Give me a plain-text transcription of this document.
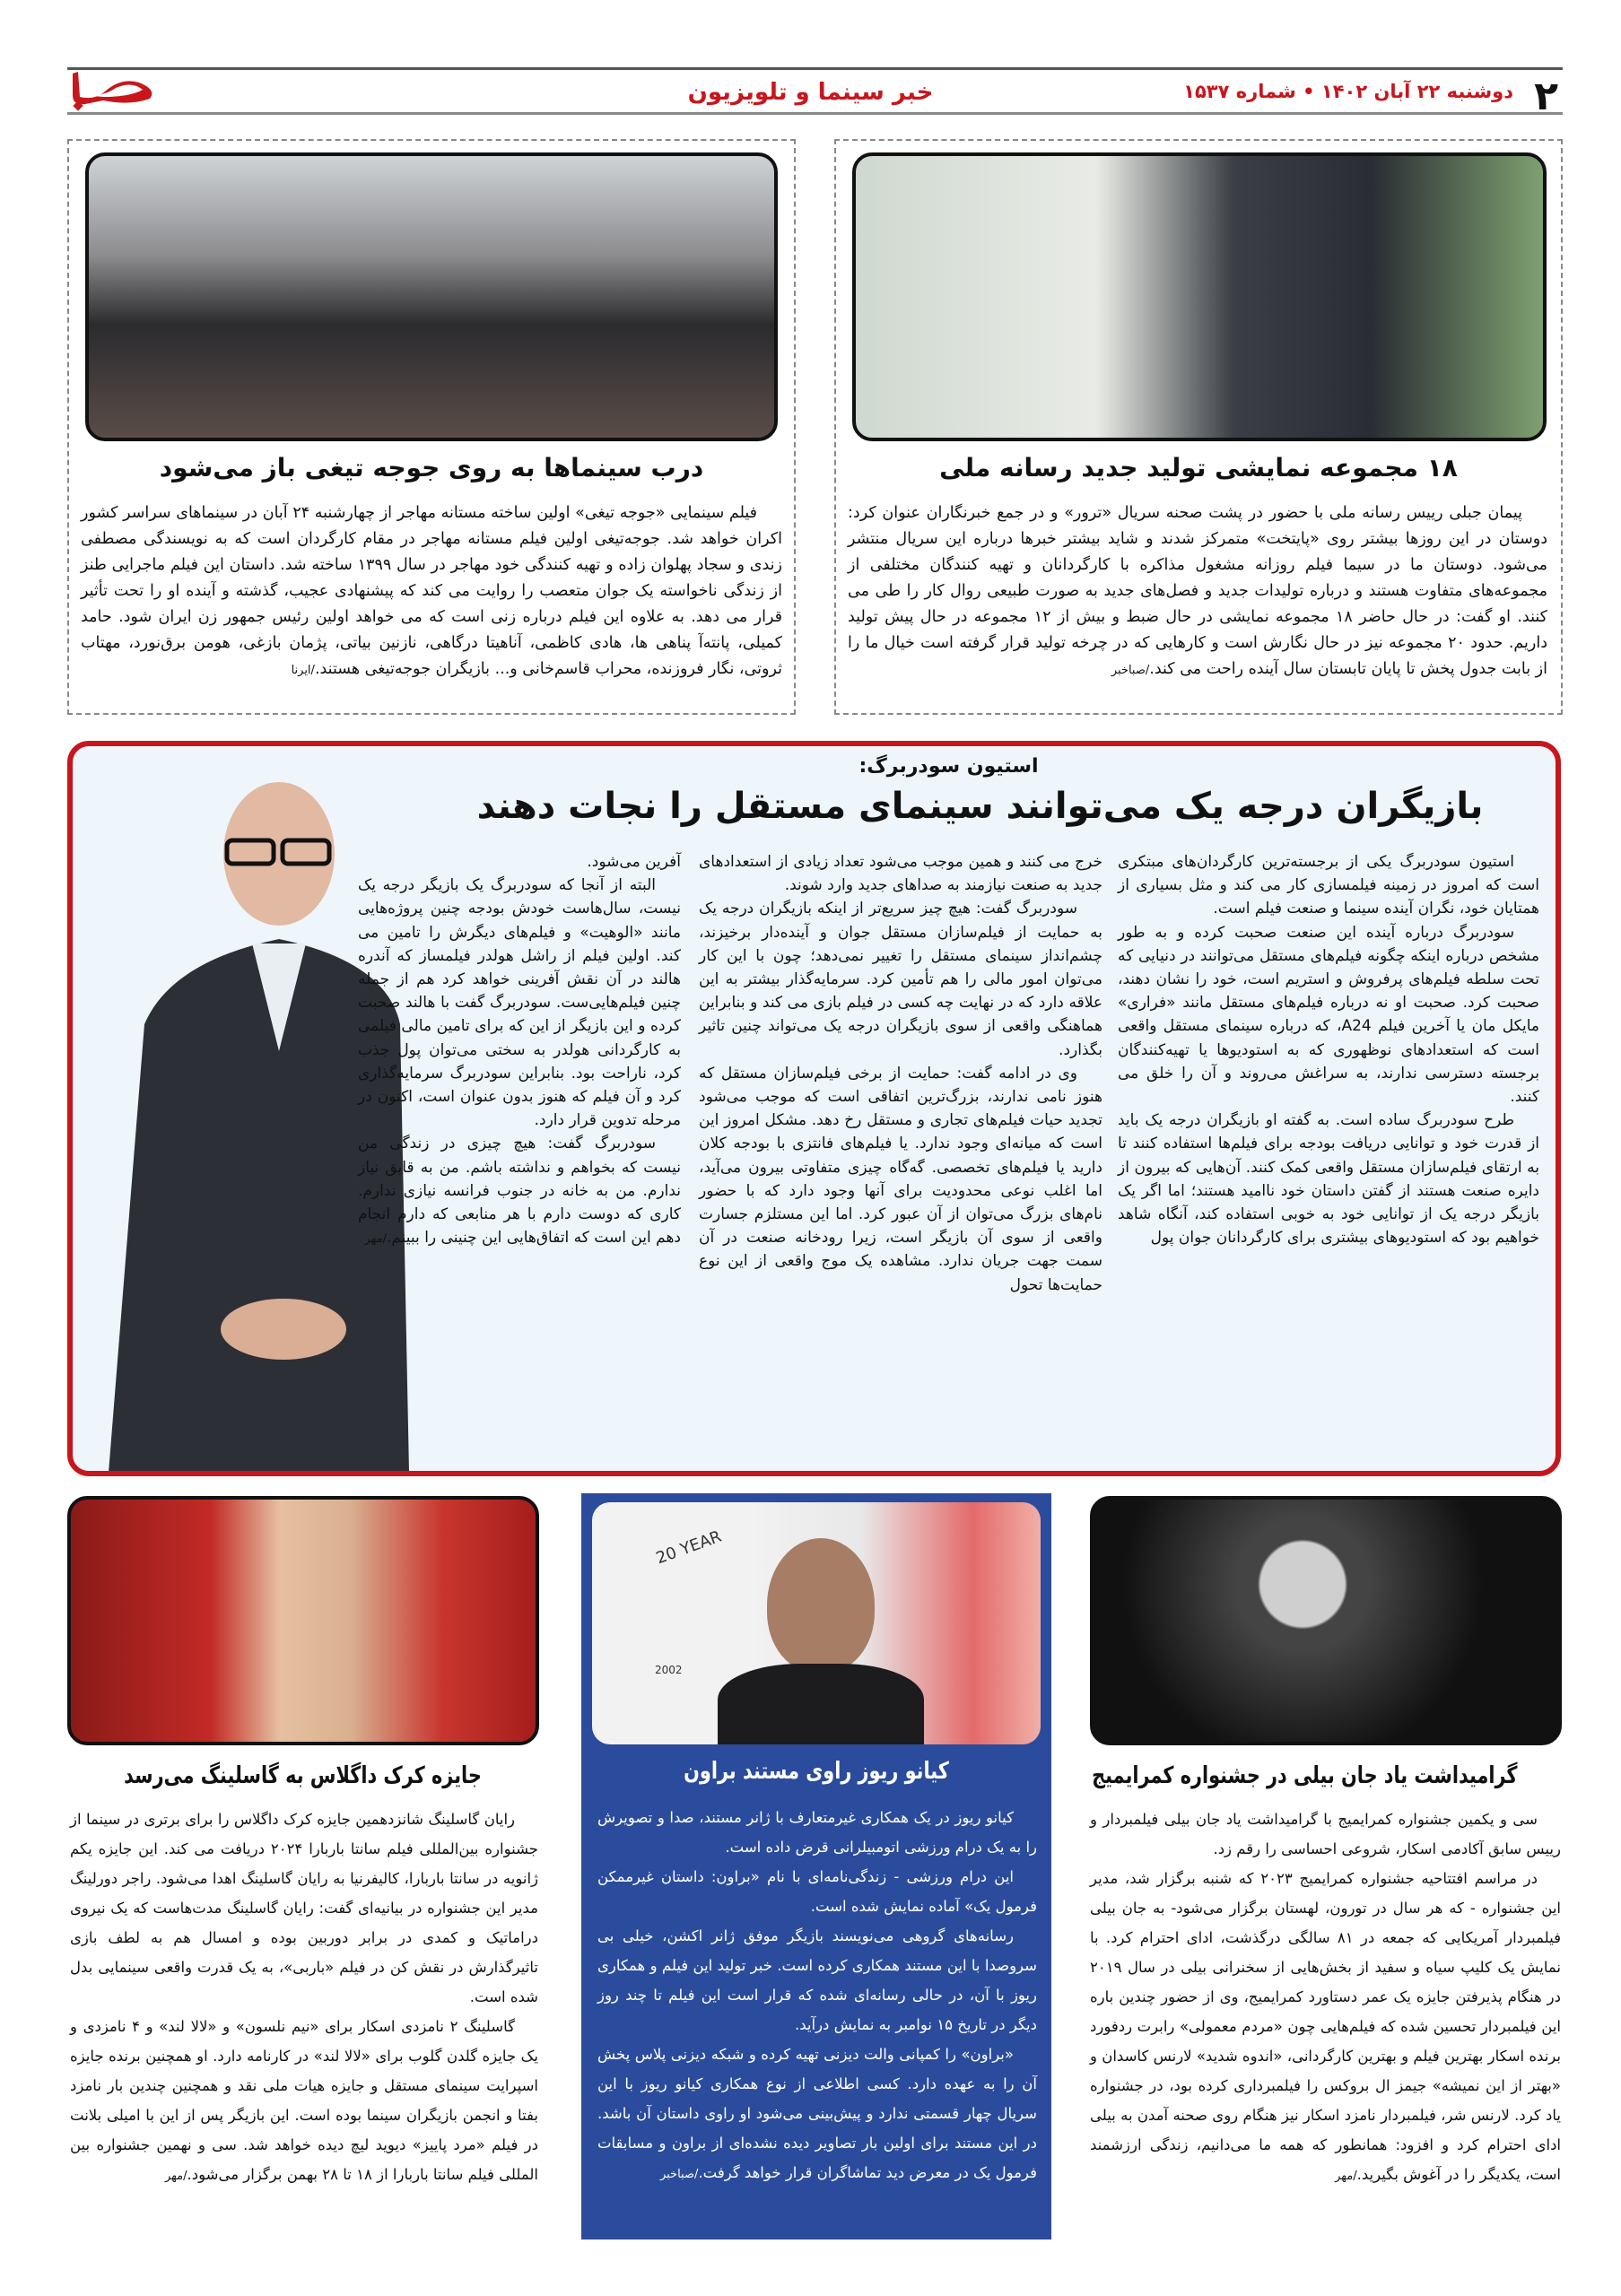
۲
دوشنبه ۲۲ آبان ۱۴۰۲ • شماره ۱۵۳۷
خبر سینما و تلویزیون
۱۸ مجموعه نمایشی تولید جدید رسانه ملی

پیمان جبلی رییس رسانه ملی با حضور در پشت صحنه سریال «ترور» و در جمع خبرنگاران عنوان کرد: دوستان در این روزها بیشتر روی «پایتخت» متمرکز شدند و شاید بیشتر خبرها درباره این سریال منتشر می‌شود. دوستان ما در سیما فیلم روزانه مشغول مذاکره با کارگردانان و تهیه کنندگان مختلفی از مجموعه‌های متفاوت هستند و درباره تولیدات جدید و فصل‌های جدید به صورت طبیعی روال کار را طی می کنند. او گفت: در حال حاضر ۱۸ مجموعه نمایشی در حال ضبط و بیش از ۱۲ مجموعه در حال پیش تولید داریم. حدود ۲۰ مجموعه نیز در حال نگارش است و کارهایی که در چرخه تولید قرار گرفته است خیال ما را از بابت جدول پخش تا پایان تابستان سال آینده راحت می کند./صباخبر

درب سینماها به روی جوجه تیغی باز می‌شود

فیلم سینمایی «جوجه تیغی» اولین ساخته مستانه مهاجر از چهارشنبه ۲۴ آبان در سینماهای سراسر کشور اکران خواهد شد. جوجه‌تیغی اولین فیلم مستانه مهاجر در مقام کارگردان است که به نویسندگی مصطفی زندی و سجاد پهلوان زاده و تهیه کنندگی خود مهاجر در سال ۱۳۹۹ ساخته شد. داستان این فیلم ماجرایی طنز از زندگی ناخواسته یک جوان متعصب را روایت می کند که پیشنهادی عجیب، گذشته و آینده او را تحت تأثیر قرار می دهد. به علاوه این فیلم درباره زنی است که می خواهد اولین رئیس جمهور زن ایران شود. حامد کمیلی، پانته‌آ پناهی ها، هادی کاظمی، آناهیتا درگاهی، نازنین بیاتی، پژمان بازغی، هومن برق‌نورد، مهتاب ثروتی، نگار فروزنده، محراب قاسم‌خانی و... بازیگران جوجه‌تیغی هستند./ایرنا

استیون سودربرگ:
بازیگران درجه یک می‌توانند سینمای مستقل را نجات دهند

استیون سودربرگ یکی از برجسته‌ترین کارگردان‌های مبتکری است که امروز در زمینه فیلمسازی کار می کند و مثل بسیاری از همتایان خود، نگران آینده سینما و صنعت فیلم است.

سودربرگ درباره آینده این صنعت صحبت کرده و به طور مشخص درباره اینکه چگونه فیلم‌های مستقل می‌توانند در دنیایی که تحت سلطه فیلم‌های پرفروش و استریم است، خود را نشان دهند، صحبت کرد. صحبت او نه درباره فیلم‌های مستقل مانند «فراری» مایکل مان یا آخرین فیلم A24، که درباره سینمای مستقل واقعی است که استعدادهای نوظهوری که به استودیوها یا تهیه‌کنندگان برجسته دسترسی ندارند، به سراغش می‌روند و آن را خلق می کنند.

طرح سودربرگ ساده است. به گفته او بازیگران درجه یک باید از قدرت خود و توانایی دریافت بودجه برای فیلم‌ها استفاده کنند تا به ارتقای فیلم‌سازان مستقل واقعی کمک کنند. آن‌هایی که بیرون از دایره صنعت هستند از گفتن داستان خود ناامید هستند؛ اما اگر یک بازیگر درجه یک از توانایی خود به خوبی استفاده کند، آنگاه شاهد خواهیم بود که استودیوهای بیشتری برای کارگردانان جوان پول

خرج می کنند و همین موجب می‌شود تعداد زیادی از استعدادهای جدید به صنعت نیازمند به صداهای جدید وارد شوند.

سودربرگ گفت: هیچ چیز سریع‌تر از اینکه بازیگران درجه یک به حمایت از فیلم‌سازان مستقل جوان و آینده‌دار برخیزند، چشم‌انداز سینمای مستقل را تغییر نمی‌دهد؛ چون با این کار می‌توان امور مالی را هم تأمین کرد. سرمایه‌گذار بیشتر به این علاقه دارد که در نهایت چه کسی در فیلم بازی می کند و بنابراین هماهنگی واقعی از سوی بازیگران درجه یک می‌تواند چنین تاثیر بگذارد.

وی در ادامه گفت: حمایت از برخی فیلم‌سازان مستقل که هنوز نامی ندارند، بزرگ‌ترین اتفاقی است که موجب می‌شود تجدید حیات فیلم‌های تجاری و مستقل رخ دهد. مشکل امروز این است که میانه‌ای وجود ندارد. یا فیلم‌های فانتزی با بودجه کلان دارید یا فیلم‌های تخصصی. گه‌گاه چیزی متفاوتی بیرون می‌آید، اما اغلب نوعی محدودیت برای آنها وجود دارد که با حضور نام‌های بزرگ می‌توان از آن عبور کرد. اما این مستلزم جسارت واقعی از سوی آن بازیگر است، زیرا رودخانه صنعت در آن سمت جهت جریان ندارد. مشاهده یک موج واقعی از این نوع حمایت‌ها تحول

آفرین می‌شود.

البته از آنجا که سودربرگ یک بازیگر درجه یک نیست، سال‌هاست خودش بودجه چنین پروژه‌هایی مانند «الوهیت» و فیلم‌های دیگرش را تامین می کند. اولین فیلم از راشل هولدر فیلمساز که آندره هالند در آن نقش آفرینی خواهد کرد هم از جمله چنین فیلم‌هایی‌ست. سودربرگ گفت با هالند صحبت کرده و این بازیگر از این که برای تامین مالی فیلمی به کارگردانی هولدر به سختی می‌توان پول جذب کرد، ناراحت بود. بنابراین سودربرگ سرمایه‌گذاری کرد و آن فیلم که هنوز بدون عنوان است، اکنون در مرحله تدوین قرار دارد.

سودربرگ گفت: هیچ چیزی در زندگی من نیست که بخواهم و نداشته باشم. من به قایق نیاز ندارم. من به خانه در جنوب فرانسه نیازی ندارم. کاری که دوست دارم با هر منابعی که دارم انجام دهم این است که اتفاق‌هایی این چنینی را ببینم./مهر

گرامیداشت یاد جان بیلی در جشنواره کمرایمیج

سی و یکمین جشنواره کمرایمیج با گرامیداشت یاد جان بیلی فیلمبردار و رییس سابق آکادمی اسکار، شروعی احساسی را رقم زد.

در مراسم افتتاحیه جشنواره کمرایمیج ۲۰۲۳ که شنبه برگزار شد، مدیر این جشنواره - که هر سال در تورون، لهستان برگزار می‌شود- به جان بیلی فیلمبردار آمریکایی که جمعه در ۸۱ سالگی درگذشت، ادای احترام کرد. با نمایش یک کلیپ سیاه و سفید از بخش‌هایی از سخنرانی بیلی در سال ۲۰۱۹ در هنگام پذیرفتن جایزه یک عمر دستاورد کمرایمیج، وی از حضور چندین باره این فیلمبردار تحسین شده که فیلم‌هایی چون «مردم معمولی» رابرت ردفورد برنده اسکار بهترین فیلم و بهترین کارگردانی، «اندوه شدید» لارنس کاسدان و «بهتر از این نمیشه» جیمز ال بروکس را فیلمبرداری کرده بود، در جشنواره یاد کرد. لارنس شر، فیلمبردار نامزد اسکار نیز هنگام روی صحنه آمدن به بیلی ادای احترام کرد و افزود: همانطور که همه ما می‌دانیم، زندگی ارزشمند است، یکدیگر را در آغوش بگیرید./مهر

20 YEAR
2002
کیانو ریوز راوی مستند براون

کیانو ریوز در یک همکاری غیرمتعارف با ژانر مستند، صدا و تصویرش را به یک درام ورزشی اتومبیلرانی قرض داده است.

این درام ورزشی - زندگی‌نامه‌ای با نام «براون: داستان غیرممکن فرمول یک» آماده نمایش شده است.

رسانه‌های گروهی می‌نویسند بازیگر موفق ژانر اکشن، خیلی بی سروصدا با این مستند همکاری کرده است. خبر تولید این فیلم و همکاری ریوز با آن، در حالی رسانه‌ای شده که قرار است این فیلم تا چند روز دیگر در تاریخ ۱۵ نوامبر به نمایش درآید.

«براون» را کمپانی والت دیزنی تهیه کرده و شبکه دیزنی پلاس پخش آن را به عهده دارد. کسی اطلاعی از نوع همکاری کیانو ریوز با این سریال چهار قسمتی ندارد و پیش‌بینی می‌شود او راوی داستان آن باشد. در این مستند برای اولین بار تصاویر دیده نشده‌ای از براون و مسابقات فرمول یک در معرض دید تماشاگران قرار خواهد گرفت./صباخبر

جایزه کرک داگلاس به گاسلینگ می‌رسد

رایان گاسلینگ شانزدهمین جایزه کرک داگلاس را برای برتری در سینما از جشنواره بین‌المللی فیلم سانتا باربارا ۲۰۲۴ دریافت می کند. این جایزه یکم ژانویه در سانتا باربارا، کالیفرنیا به رایان گاسلینگ اهدا می‌شود. راجر دورلینگ مدیر این جشنواره در بیانیه‌ای گفت: رایان گاسلینگ مدت‌هاست که یک نیروی دراماتیک و کمدی در برابر دوربین بوده و امسال هم به لطف بازی تاثیرگذارش در نقش کن در فیلم «باربی»، به یک قدرت واقعی سینمایی بدل شده است.

گاسلینگ ۲ نامزدی اسکار برای «نیم نلسون» و «لالا لند» و ۴ نامزدی و یک جایزه گلدن گلوب برای «لالا لند» در کارنامه دارد. او همچنین برنده جایزه اسپرایت سینمای مستقل و جایزه هیات ملی نقد و همچنین چندین بار نامزد بفتا و انجمن بازیگران سینما بوده است. این بازیگر پس از این با امیلی بلانت در فیلم «مرد پاییز» دیوید لیچ دیده خواهد شد. سی و نهمین جشنواره بین المللی فیلم سانتا باربارا از ۱۸ تا ۲۸ بهمن برگزار می‌شود./مهر
